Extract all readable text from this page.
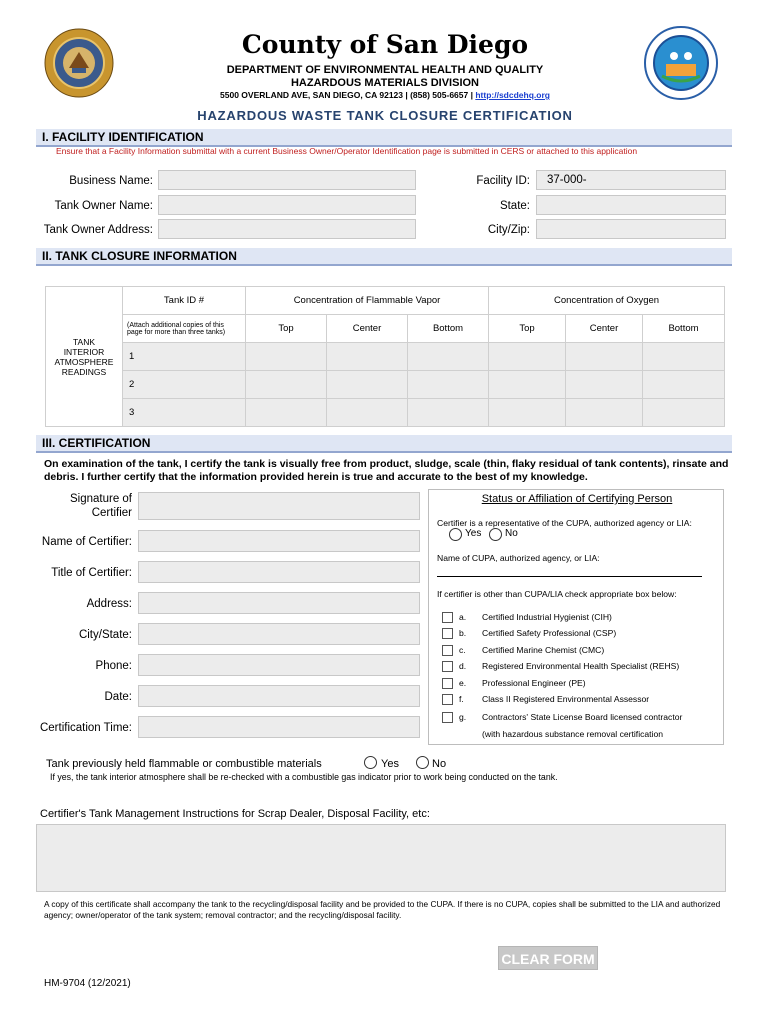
County of San Diego
DEPARTMENT OF ENVIRONMENTAL HEALTH AND QUALITY
HAZARDOUS MATERIALS DIVISION
5500 OVERLAND AVE, SAN DIEGO, CA 92123 | (858) 505-6657 | http://sdcdehq.org
HAZARDOUS WASTE TANK CLOSURE CERTIFICATION
I. FACILITY IDENTIFICATION
Ensure that a Facility Information submittal with a current Business Owner/Operator Identification page is submitted in CERS or attached to this application
Business Name:
Tank Owner Name:
Tank Owner Address:
Facility ID: 37-000-
State:
City/Zip:
II. TANK CLOSURE INFORMATION
TANK INTERIOR ATMOSPHERE READINGS	Tank ID #	Concentration of Flammable Vapor			Concentration of Oxygen		
	(Attach additional copies of this page for more than three tanks)	Top	Center	Bottom	Top	Center	Bottom
	1						
	2						
	3						
III. CERTIFICATION
On examination of the tank, I certify the tank is visually free from product, sludge, scale (thin, flaky residual of tank contents), rinsate and debris. I further certify that the information provided herein is true and accurate to the best of my knowledge.
Signature of Certifier
Name of Certifier:
Title of Certifier:
Address:
City/State:
Phone:
Date:
Certification Time:
Status or Affiliation of Certifying Person
Certifier is a representative of the CUPA, authorized agency or LIA:
Yes No
Name of CUPA, authorized agency, or LIA:
If certifier is other than CUPA/LIA check appropriate box below:
a. Certified Industrial Hygienist (CIH)
b. Certified Safety Professional (CSP)
c. Certified Marine Chemist (CMC)
d. Registered Environmental Health Specialist (REHS)
e. Professional Engineer (PE)
f. Class II Registered Environmental Assessor
g. Contractors' State License Board licensed contractor
(with hazardous substance removal certification
Tank previously held flammable or combustible materials	Yes	No
If yes, the tank interior atmosphere shall be re-checked with a combustible gas indicator prior to work being conducted on the tank.
Certifier's Tank Management Instructions for Scrap Dealer, Disposal Facility, etc:
A copy of this certificate shall accompany the tank to the recycling/disposal facility and be provided to the CUPA. If there is no CUPA, copies shall be submitted to the LIA and authorized agency; owner/operator of the tank system; removal contractor; and the recycling/disposal facility.
CLEAR FORM
HM-9704 (12/2021)
